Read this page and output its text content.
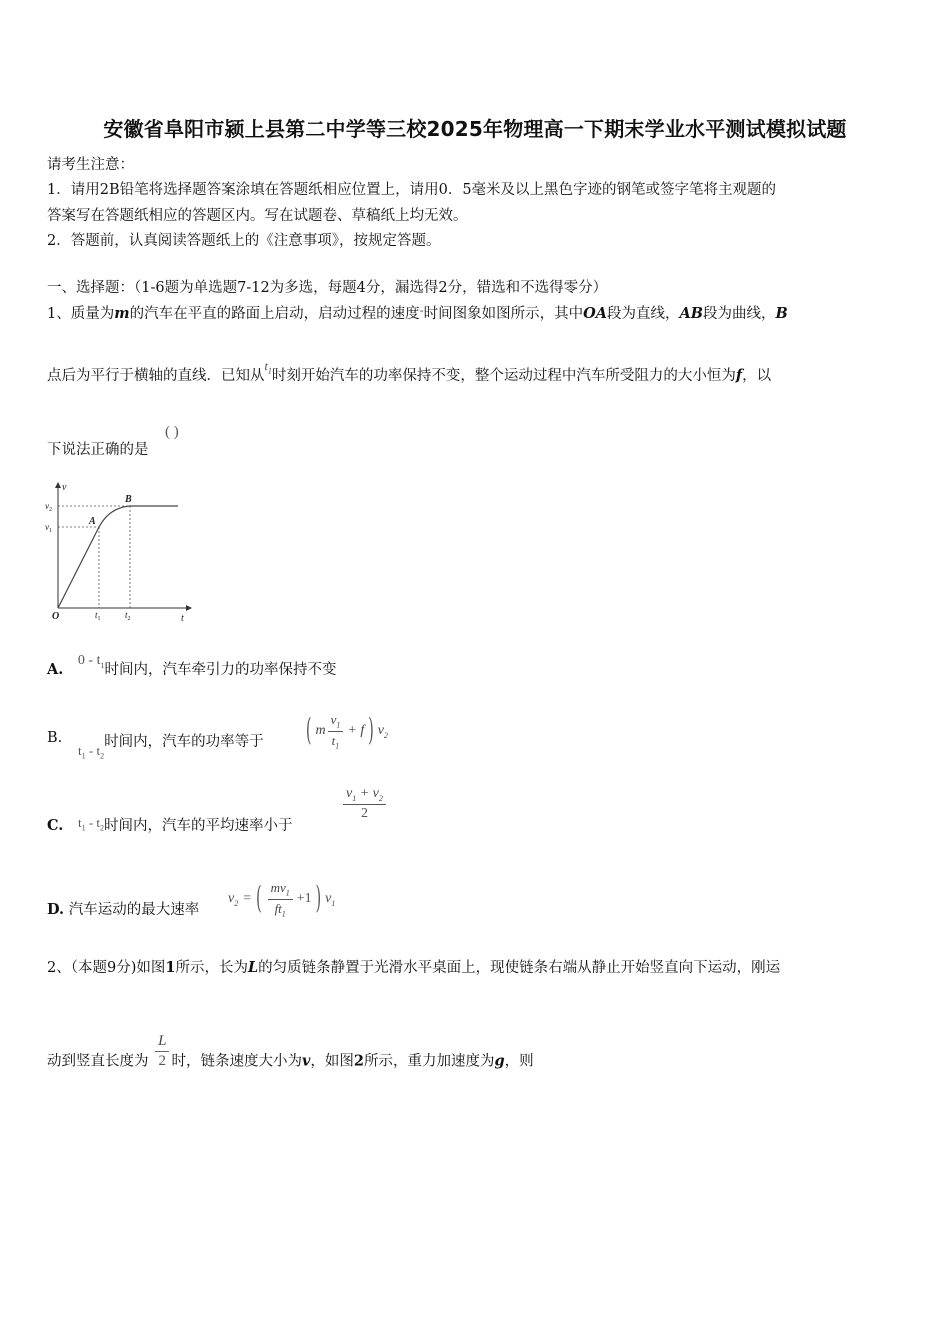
安徽省阜阳市颍上县第二中学等三校2025年物理高一下期末学业水平测试模拟试题
请考生注意：
1．请用2B铅笔将选择题答案涂填在答题纸相应位置上，请用0．5毫米及以上黑色字迹的钢笔或签字笔将主观题的
答案写在答题纸相应的答题区内。写在试题卷、草稿纸上均无效。
2．答题前，认真阅读答题纸上的《注意事项》，按规定答题。
一、选择题：（1-6题为单选题7-12为多选，每题4分，漏选得2分，错选和不选得零分）
1、质量为m的汽车在平直的路面上启动，启动过程的速度-时间图象如图所示，其中OA段为直线，AB段为曲线，B
点后为平行于横轴的直线．已知从$^{t_1}$时刻开始汽车的功率保持不变，整个运动过程中汽车所受阻力的大小恒为f，以
下说法正确的是
( )
v
t
O
$v_1$
$v_2$
$t_1$	$t_2$
A
B
A. $0 - t_1$时间内，汽车牵引力的功率保持不变
B.
$t_1 - t_2$时间内，汽车的功率等于	( m $\frac{v_1}{t_1} + f$ ) $v_2$
C. $t_1 - t_2$时间内，汽车的平均速率小于
$\frac{v_1 + v_2}{2}$
D. 汽车运动的最大速率
$v_2$ = ( $\frac{mv_1}{ft_1} +1$ ) $v_1$
2、（本题9分)如图1所示，长为L的匀质链条静置于光滑水平桌面上，现使链条右端从静止开始竖直向下运动，刚运
动到竖直长度为 $\frac{L}{2}$ 时，链条速度大小为v，如图2所示，重力加速度为g，则
